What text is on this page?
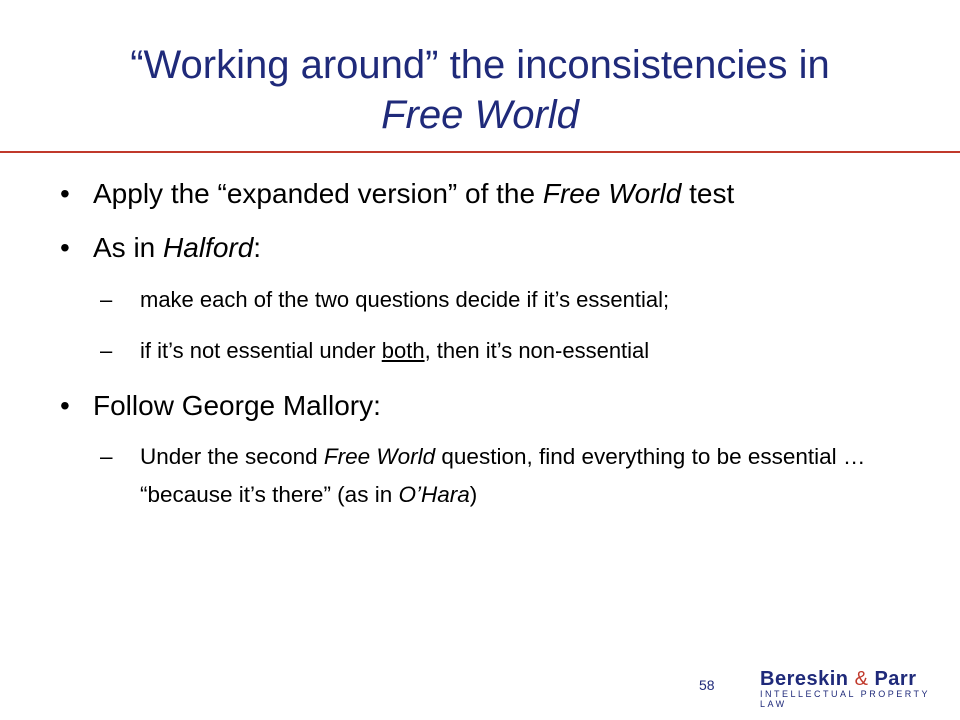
“Working around” the inconsistencies in
Free World
• Apply the “expanded version” of the Free World test
• As in Halford:
– make each of the two questions decide if it’s essential;
– if it’s not essential under both, then it’s non-essential
• Follow George Mallory:
– Under the second Free World question, find everything to be essential … “because it’s there” (as in O’Hara)
58 Bereskin & Parr
INTELLECTUAL PROPERTY LAW
